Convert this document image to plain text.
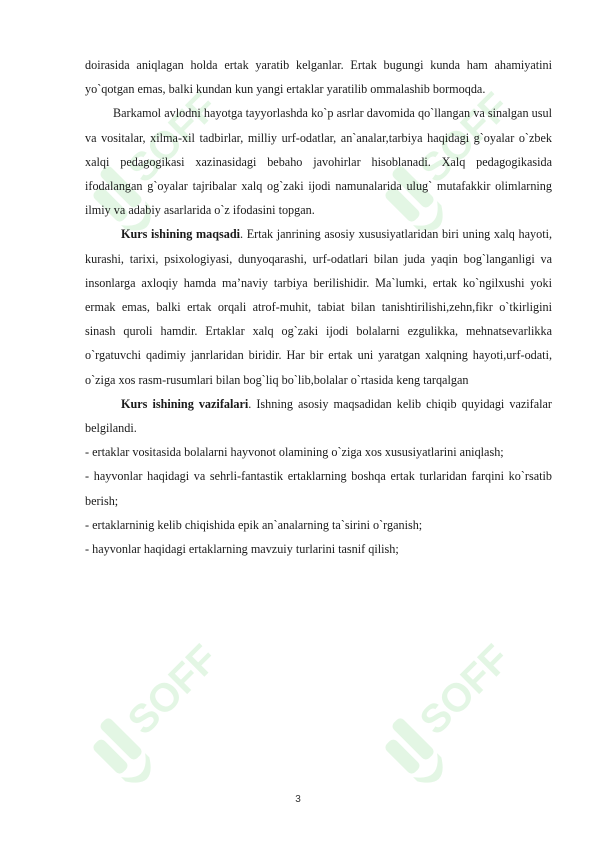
SOFF	SOFF
SOFF	SOFF

doirasida aniqlagan holda ertak yaratib kelganlar. Ertak bugungi kunda ham ahamiyatini yo`qotgan emas, balki kundan kun yangi ertaklar yaratilib ommalashib bormoqda.

Barkamol avlodni hayotga tayyorlashda ko`p asrlar davomida qo`llangan va sinalgan usul va vositalar, xilma-xil tadbirlar, milliy urf-odatlar, an`analar,tarbiya haqidagi g`oyalar o`zbek xalqi pedagogikasi xazinasidagi bebaho javohirlar hisoblanadi. Xalq pedagogikasida ifodalangan g`oyalar tajribalar xalq og`zaki ijodi namunalarida ulug` mutafakkir olimlarning ilmiy va adabiy asarlarida o`z ifodasini topgan.

Kurs ishining maqsadi. Ertak janrining asosiy xususiyatlaridan biri uning xalq hayoti, kurashi, tarixi, psixologiyasi, dunyoqarashi, urf-odatlari bilan juda yaqin bog`langanligi va insonlarga axloqiy hamda ma’naviy tarbiya berilishidir. Ma`lumki, ertak ko`ngilxushi yoki ermak emas, balki ertak orqali atrof-muhit, tabiat bilan tanishtirilishi,zehn,fikr o`tkirligini sinash quroli hamdir. Ertaklar xalq og`zaki ijodi bolalarni ezgulikka, mehnatsevarlikka o`rgatuvchi qadimiy janrlaridan biridir. Har bir ertak uni yaratgan xalqning hayoti,urf-odati, o`ziga xos rasm-rusumlari bilan bog`liq bo`lib,bolalar o`rtasida keng tarqalgan

Kurs ishining vazifalari. Ishning asosiy maqsadidan kelib chiqib quyidagi vazifalar belgilandi.

- ertaklar vositasida bolalarni hayvonot olamining o`ziga xos xususiyatlarini aniqlash;

- hayvonlar haqidagi va sehrli-fantastik ertaklarning boshqa ertak turlaridan farqini ko`rsatib berish;

- ertaklarninig kelib chiqishida epik an`analarning ta`sirini o`rganish;

- hayvonlar haqidagi ertaklarning mavzuiy turlarini tasnif qilish;

3
